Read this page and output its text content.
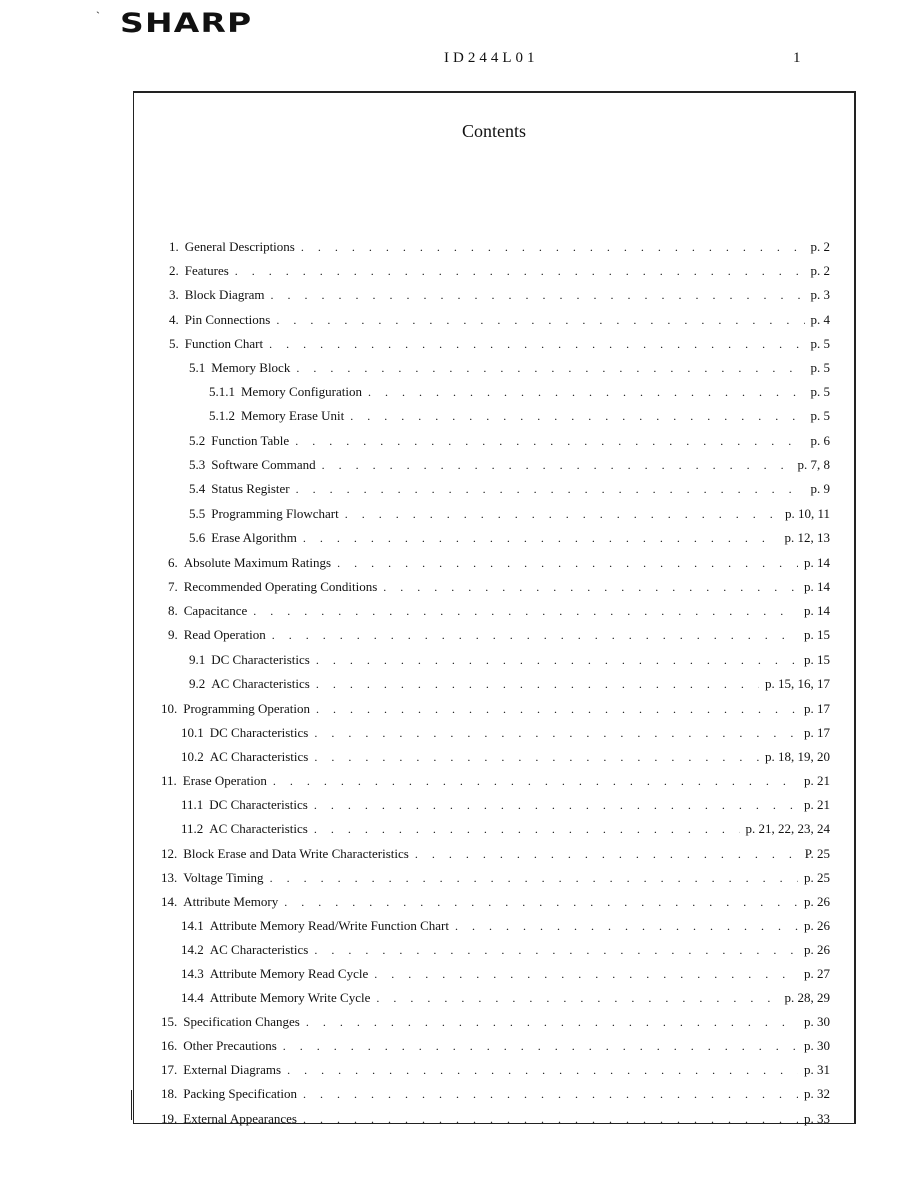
` SHARP
ID244L01	1
Contents
1. General Descriptions . . .	p. 2
2. Features . . .	p. 2
3. Block Diagram . . .	p. 3
4. Pin Connections . . .	p. 4
5. Function Chart . . .	p. 5
5.1 Memory Block . . .	p. 5
5.1.1 Memory Configuration . . .	p. 5
5.1.2 Memory Erase Unit . . .	p. 5
5.2 Function Table . . .	p. 6
5.3 Software Command . . .	p. 7, 8
5.4 Status Register . . .	p. 9
5.5 Programming Flowchart . . .	p. 10, 11
5.6 Erase Algorithm . . .	p. 12, 13
6. Absolute Maximum Ratings . . .	p. 14
7. Recommended Operating Conditions . . .	p. 14
8. Capacitance . . .	p. 14
9. Read Operation . . .	p. 15
9.1 DC Characteristics . . .	p. 15
9.2 AC Characteristics . . .	p. 15, 16, 17
10. Programming Operation . . .	p. 17
10.1 DC Characteristics . . .	p. 17
10.2 AC Characteristics . . .	p. 18, 19, 20
11. Erase Operation . . .	p. 21
11.1 DC Characteristics . . .	p. 21
11.2 AC Characteristics . . .	p. 21, 22, 23, 24
12. Block Erase and Data Write Characteristics . . .	P. 25
13. Voltage Timing . . .	p. 25
14. Attribute Memory . . .	p. 26
14.1 Attribute Memory Read/Write Function Chart . . .	p. 26
14.2 AC Characteristics . . .	p. 26
14.3 Attribute Memory Read Cycle . . .	p. 27
14.4 Attribute Memory Write Cycle . . .	p. 28, 29
15. Specification Changes . . .	p. 30
16. Other Precautions . . .	p. 30
17. External Diagrams . . .	p. 31
18. Packing Specification . . .	p. 32
19. External Appearances . . .	p. 33
